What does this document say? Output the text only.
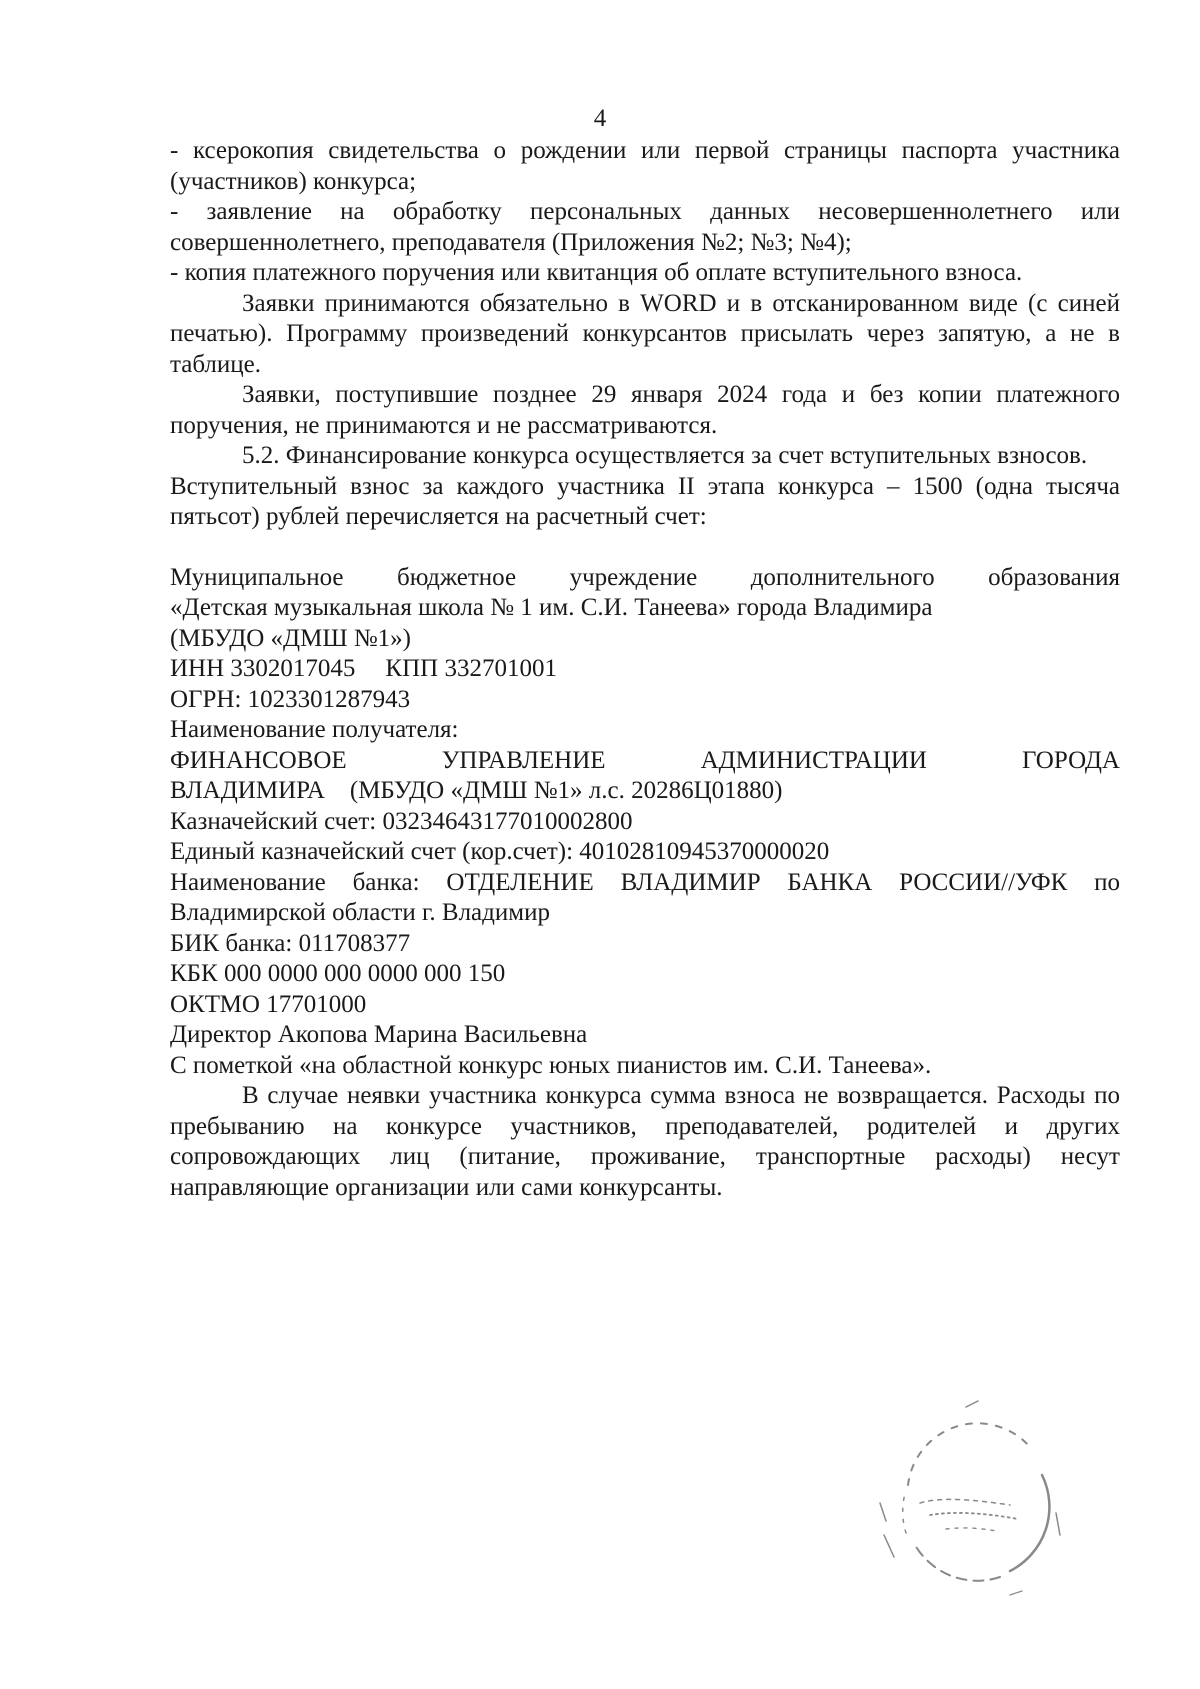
4

- ксерокопия свидетельства о рождении или первой страницы паспорта участника (участников) конкурса;

- заявление на обработку персональных данных несовершеннолетнего или совершеннолетнего, преподавателя (Приложения №2; №3; №4);

- копия платежного поручения или квитанция об оплате вступительного взноса.

Заявки принимаются обязательно в WORD и в отсканированном виде (с синей печатью). Программу произведений конкурсантов присылать через запятую, а не в таблице.

Заявки, поступившие позднее 29 января 2024 года и без копии платежного поручения, не принимаются и не рассматриваются.

5.2. Финансирование конкурса осуществляется за счет вступительных взносов.

Вступительный взнос за каждого участника II этапа конкурса – 1500 (одна тысяча пятьсот) рублей перечисляется на расчетный счет:

Муниципальное бюджетное учреждение дополнительного образования
«Детская музыкальная школа № 1 им. С.И. Танеева» города Владимира
(МБУДО «ДМШ №1»)
ИНН 3302017045 КПП 332701001
ОГРН: 1023301287943
Наименование получателя:
ФИНАНСОВОЕ	УПРАВЛЕНИЕ	АДМИНИСТРАЦИИ	ГОРОДА
ВЛАДИМИРА    (МБУДО «ДМШ №1» л.с. 20286Ц01880)
Казначейский счет: 03234643177010002800
Единый казначейский счет (кор.счет): 40102810945370000020
Наименование банка: ОТДЕЛЕНИЕ ВЛАДИМИР БАНКА РОССИИ//УФК по
Владимирской области г. Владимир
БИК банка: 011708377
КБК 000 0000 000 0000 000 150
ОКТМО 17701000
Директор Акопова Марина Васильевна
С пометкой «на областной конкурс юных пианистов им. С.И. Танеева».

В случае неявки участника конкурса сумма взноса не возвращается. Расходы по пребыванию на конкурсе участников, преподавателей, родителей и других сопровождающих лиц (питание, проживание, транспортные расходы) несут направляющие организации или сами конкурсанты.
